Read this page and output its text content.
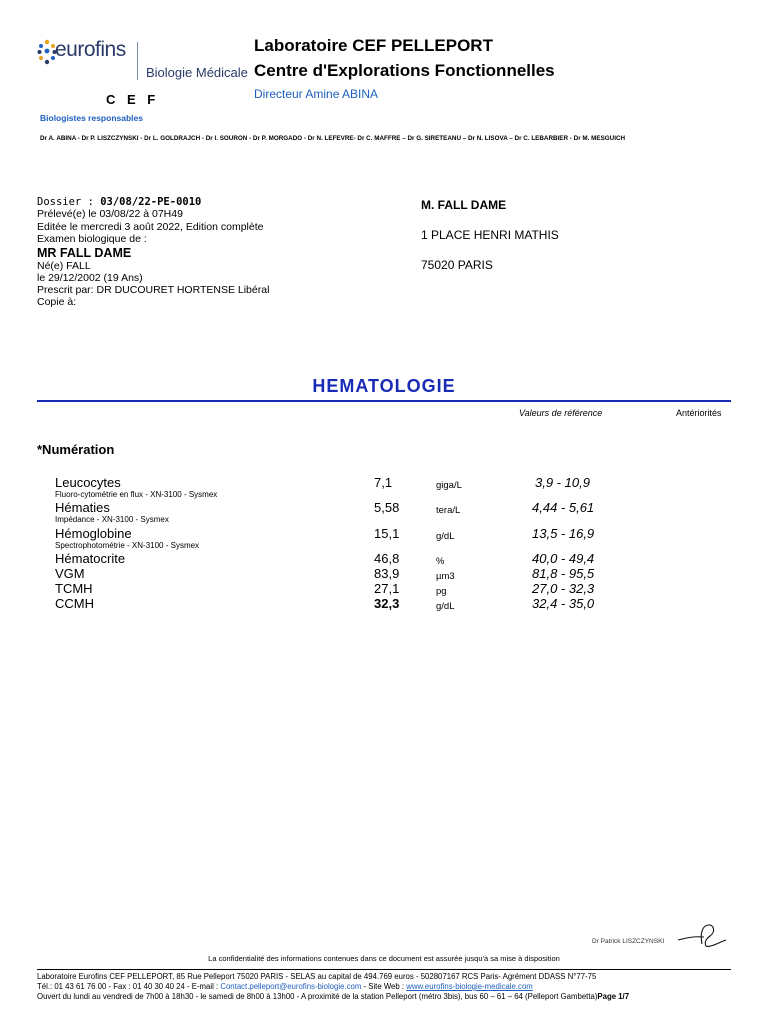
eurofins
Biologie Médicale
C E F
Biologistes responsables
Laboratoire CEF PELLEPORT
Centre d'Explorations Fonctionnelles
Directeur Amine ABINA
Dr A. ABINA - Dr P. LISZCZYNSKI - Dr L. GOLDRAJCH - Dr I. SOURON - Dr P. MORGADO - Dr N. LEFEVRE- Dr C. MAFFRE – Dr G. SIRETEANU – Dr N. LISOVA – Dr C. LEBARBIER - Dr M. MESGUICH
Dossier : 03/08/22-PE-0010
Prélevé(e) le 03/08/22 à 07H49
Editée le mercredi 3 août 2022, Edition complète
Examen biologique de :
MR FALL DAME
Né(e) FALL
le 29/12/2002 (19 Ans)
Prescrit par: DR DUCOURET HORTENSE Libéral
Copie à:
M. FALL DAME
1 PLACE HENRI MATHIS
75020 PARIS
HEMATOLOGIE
Valeurs de référence	Antériorités
*Numération
Leucocytes
Fluoro-cytométrie en flux - XN-3100 - Sysmex
7,1	giga/L	3,9 - 10,9
Hématies
Impédance - XN-3100 - Sysmex
5,58	tera/L	4,44 - 5,61
Hémoglobine
Spectrophotométrie - XN-3100 - Sysmex
15,1	g/dL	13,5 - 16,9
Hématocrite	46,8	%	40,0 - 49,4
VGM	83,9	µm3	81,8 - 95,5
TCMH	27,1	pg	27,0 - 32,3
CCMH	32,3	g/dL	32,4 - 35,0
Dr Patrick LISZCZYNSKI
La confidentialité des informations contenues dans ce document est assurée jusqu'à sa mise à disposition
Laboratoire Eurofins CEF PELLEPORT, 85 Rue Pelleport 75020 PARIS - SELAS au capital de 494.769 euros - 502807167 RCS Paris- Agrément DDASS N°77-75
Tél.: 01 43 61 76 00 - Fax : 01 40 30 40 24 - E-mail : Contact.pelleport@eurofins-biologie.com - Site Web : www.eurofins-biologie-medicale.com
Ouvert du lundi au vendredi de 7h00 à 18h30 - le samedi de 8h00 à 13h00 - A proximité de la station Pelleport (métro 3bis), bus 60 – 61 – 64 (Pelleport Gambetta)Page 1/7
